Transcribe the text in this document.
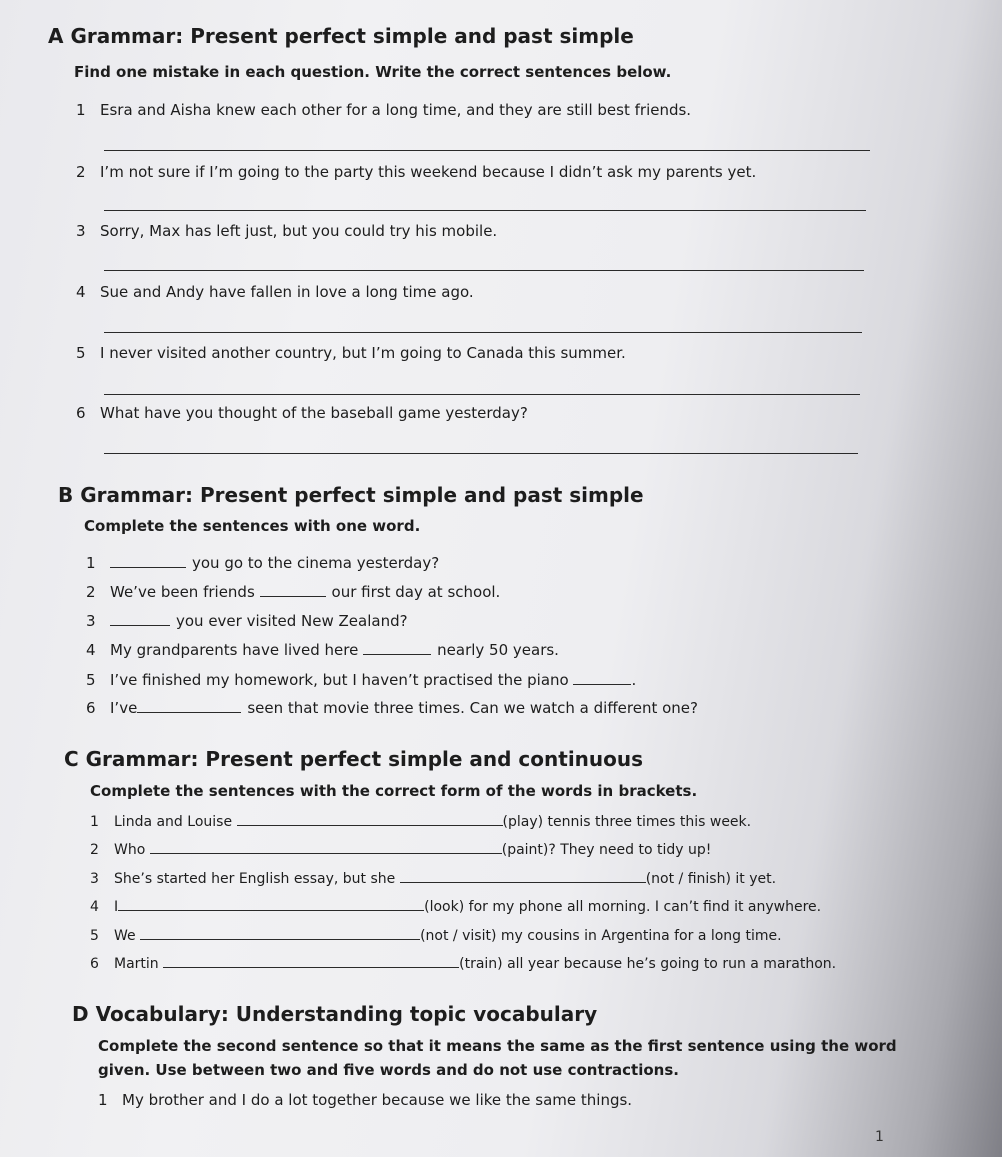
A Grammar: Present perfect simple and past simple
Find one mistake in each question. Write the correct sentences below.
1 Esra and Aisha knew each other for a long time, and they are still best friends.
2 I’m not sure if I’m going to the party this weekend because I didn’t ask my parents yet.
3 Sorry, Max has left just, but you could try his mobile.
4 Sue and Andy have fallen in love a long time ago.
5 I never visited another country, but I’m going to Canada this summer.
6 What have you thought of the baseball game yesterday?
B Grammar: Present perfect simple and past simple
Complete the sentences with one word.
1	you go to the cinema yesterday?
2 We’ve been friends	our first day at school.
3	you ever visited New Zealand?
4 My grandparents have lived here	nearly 50 years.
5 I’ve finished my homework, but I haven’t practised the piano	.
6 I’ve	seen that movie three times. Can we watch a different one?
C Grammar: Present perfect simple and continuous
Complete the sentences with the correct form of the words in brackets.
1 Linda and Louise	(play) tennis three times this week.
2 Who	(paint)? They need to tidy up!
3 She’s started her English essay, but she	(not / finish) it yet.
4 I	(look) for my phone all morning. I can’t find it anywhere.
5 We	(not / visit) my cousins in Argentina for a long time.
6 Martin	(train) all year because he’s going to run a marathon.
D Vocabulary: Understanding topic vocabulary
Complete the second sentence so that it means the same as the first sentence using the word
given. Use between two and five words and do not use contractions.
1 My brother and I do a lot together because we like the same things.
1
